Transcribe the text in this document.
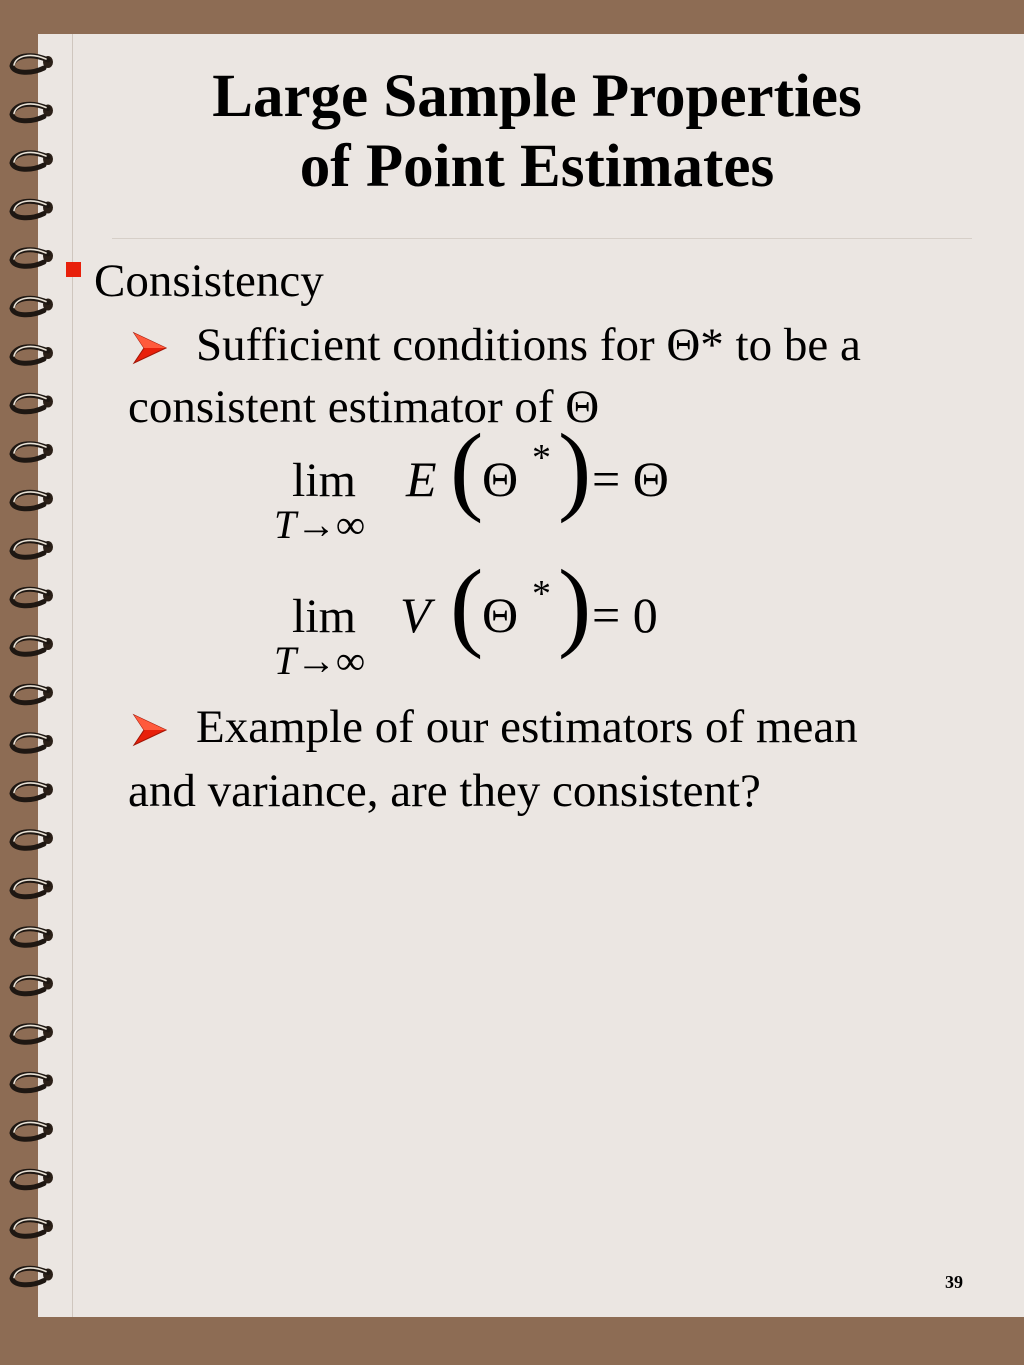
Large Sample Properties
of Point Estimates
Consistency
Sufficient conditions for Θ* to be a
consistent estimator of Θ
lim
T→∞
E (
Θ * ) = Θ
lim
T→∞
V (
Θ * ) = 0
Example of our estimators of mean
and variance, are they consistent?
39
